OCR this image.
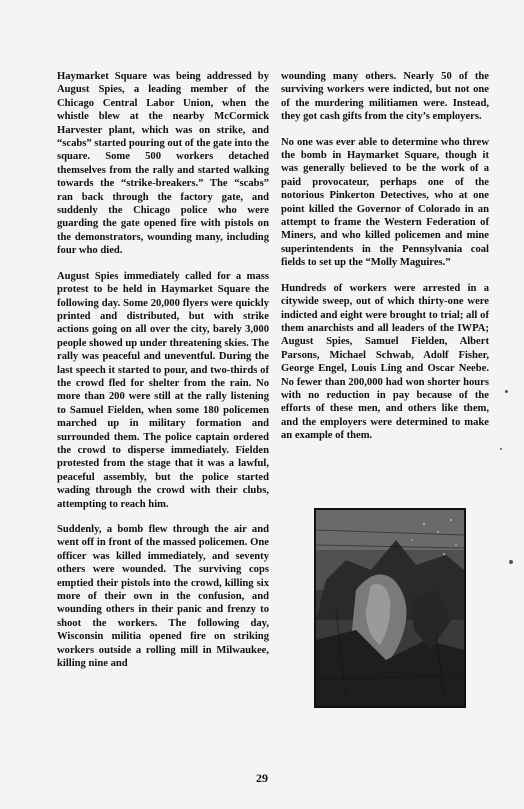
Haymarket Square was being addressed by August Spies, a leading member of the Chicago Central Labor Union, when the whistle blew at the nearby McCormick Harvester plant, which was on strike, and “scabs” started pouring out of the gate into the square. Some 500 workers detached themselves from the rally and started walking towards the “strike-breakers.” The “scabs” ran back through the factory gate, and suddenly the Chicago police who were guarding the gate opened fire with pistols on the demonstrators, wounding many, including four who died.

August Spies immediately called for a mass protest to be held in Haymarket Square the following day. Some 20,000 flyers were quickly printed and distributed, but with strike actions going on all over the city, barely 3,000 people showed up under threatening skies. The rally was peaceful and uneventful. During the last speech it started to pour, and two-thirds of the crowd fled for shelter from the rain. No more than 200 were still at the rally listening to Samuel Fielden, when some 180 policemen marched up in military formation and surrounded them. The police captain ordered the crowd to disperse immediately. Fielden protested from the stage that it was a lawful, peaceful assembly, but the police started wading through the crowd with their clubs, attempting to reach him.

Suddenly, a bomb flew through the air and went off in front of the massed policemen. One officer was killed immediately, and seventy others were wounded. The surviving cops emptied their pistols into the crowd, killing six more of their own in the confusion, and wounding others in their panic and frenzy to shoot the workers. The following day, Wisconsin militia opened fire on striking workers outside a rolling mill in Milwaukee, killing nine and

wounding many others. Nearly 50 of the surviving workers were indicted, but not one of the murdering militiamen were. Instead, they got cash gifts from the city’s employers.

No one was ever able to determine who threw the bomb in Haymarket Square, though it was generally believed to be the work of a paid provocateur, perhaps one of the notorious Pinkerton Detectives, who at one point killed the Governor of Colorado in an attempt to frame the Western Federation of Miners, and who killed policemen and mine superintendents in the Pennsylvania coal fields to set up the “Molly Maguires.”

Hundreds of workers were arrested in a citywide sweep, out of which thirty-one were indicted and eight were brought to trial; all of them anarchists and all leaders of the IWPA; August Spies, Samuel Fielden, Albert Parsons, Michael Schwab, Adolf Fisher, George Engel, Louis Ling and Oscar Neebe. No fewer than 200,000 had won shorter hours with no reduction in pay because of the efforts of these men, and others like them, and the employers were determined to make an example of them.

29
